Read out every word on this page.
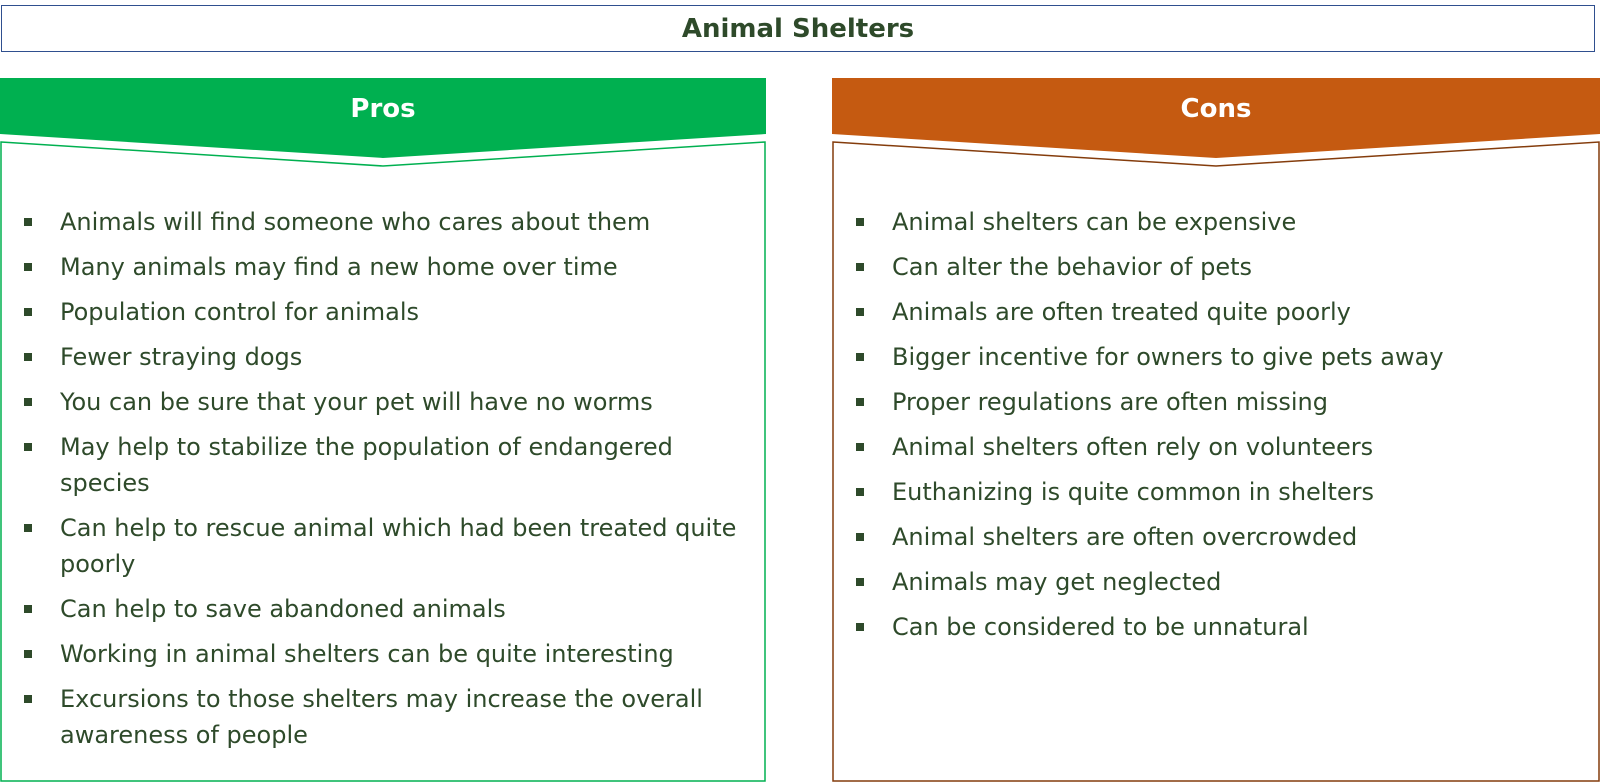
Animal Shelters
Pros
Animals will find someone who cares about them
Many animals may find a new home over time
Population control for animals
Fewer straying dogs
You can be sure that your pet will have no worms
May help to stabilize the population of endangered species
Can help to rescue animal which had been treated quite poorly
Can help to save abandoned animals
Working in animal shelters can be quite interesting
Excursions to those shelters may increase the overall awareness of people
Cons
Animal shelters can be expensive
Can alter the behavior of pets
Animals are often treated quite poorly
Bigger incentive for owners to give pets away
Proper regulations are often missing
Animal shelters often rely on volunteers
Euthanizing is quite common in shelters
Animal shelters are often overcrowded
Animals may get neglected
Can be considered to be unnatural
